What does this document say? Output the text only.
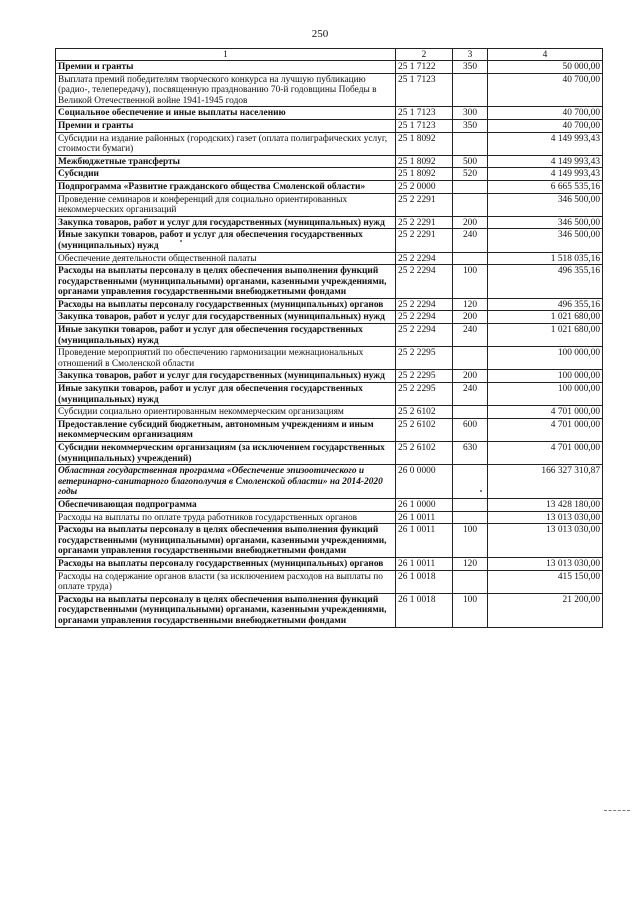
250
1	2	3	4
Премии и гранты	25 1 7122	350	50 000,00
Выплата премий победителям творческого конкурса на лучшую публикацию (радио-, телепередачу), посвященную празднованию 70-й годовщины Победы в Великой Отечественной войне 1941-1945 годов	25 1 7123		40 700,00
Социальное обеспечение и иные выплаты населению	25 1 7123	300	40 700,00
Премии и гранты	25 1 7123	350	40 700,00
Субсидии на издание районных (городских) газет (оплата полиграфических услуг, стоимости бумаги)	25 1 8092		4 149 993,43
Межбюджетные трансферты	25 1 8092	500	4 149 993,43
Субсидии	25 1 8092	520	4 149 993,43
Подпрограмма «Развитие гражданского общества Смоленской области»	25 2 0000		6 665 535,16
Проведение семинаров и конференций для социально ориентированных некоммерческих организаций	25 2 2291		346 500,00
Закупка товаров, работ и услуг для государственных (муниципальных) нужд	25 2 2291	200	346 500,00
Иные закупки товаров, работ и услуг для обеспечения государственных (муниципальных) нужд	25 2 2291	240	346 500,00
Обеспечение деятельности общественной палаты	25 2 2294		1 518 035,16
Расходы на выплаты персоналу в целях обеспечения выполнения функций государственными (муниципальными) органами, казенными учреждениями, органами управления государственными внебюджетными фондами	25 2 2294	100	496 355,16
Расходы на выплаты персоналу государственных (муниципальных) органов	25 2 2294	120	496 355,16
Закупка товаров, работ и услуг для государственных (муниципальных) нужд	25 2 2294	200	1 021 680,00
Иные закупки товаров, работ и услуг для обеспечения государственных (муниципальных) нужд	25 2 2294	240	1 021 680,00
Проведение мероприятий по обеспечению гармонизации межнациональных отношений в Смоленской области	25 2 2295		100 000,00
Закупка товаров, работ и услуг для государственных (муниципальных) нужд	25 2 2295	200	100 000,00
Иные закупки товаров, работ и услуг для обеспечения государственных (муниципальных) нужд	25 2 2295	240	100 000,00
Субсидии социально ориентированным некоммерческим организациям	25 2 6102		4 701 000,00
Предоставление субсидий бюджетным, автономным учреждениям и иным некоммерческим организациям	25 2 6102	600	4 701 000,00
Субсидии некоммерческим организациям (за исключением государственных (муниципальных) учреждений)	25 2 6102	630	4 701 000,00
Областная государственная программа «Обеспечение эпизоотического и ветеринарно-санитарного благополучия в Смоленской области» на 2014-2020 годы	26 0 0000		166 327 310,87
Обеспечивающая подпрограмма	26 1 0000		13 428 180,00
Расходы на выплаты по оплате труда работников государственных органов	26 1 0011		13 013 030,00
Расходы на выплаты персоналу в целях обеспечения выполнения функций государственными (муниципальными) органами, казенными учреждениями, органами управления государственными внебюджетными фондами	26 1 0011	100	13 013 030,00
Расходы на выплаты персоналу государственных (муниципальных) органов	26 1 0011	120	13 013 030,00
Расходы на содержание органов власти (за исключением расходов на выплаты по оплате труда)	26 1 0018		415 150,00
Расходы на выплаты персоналу в целях обеспечения выполнения функций государственными (муниципальными) органами, казенными учреждениями, органами управления государственными внебюджетными фондами	26 1 0018	100	21 200,00
